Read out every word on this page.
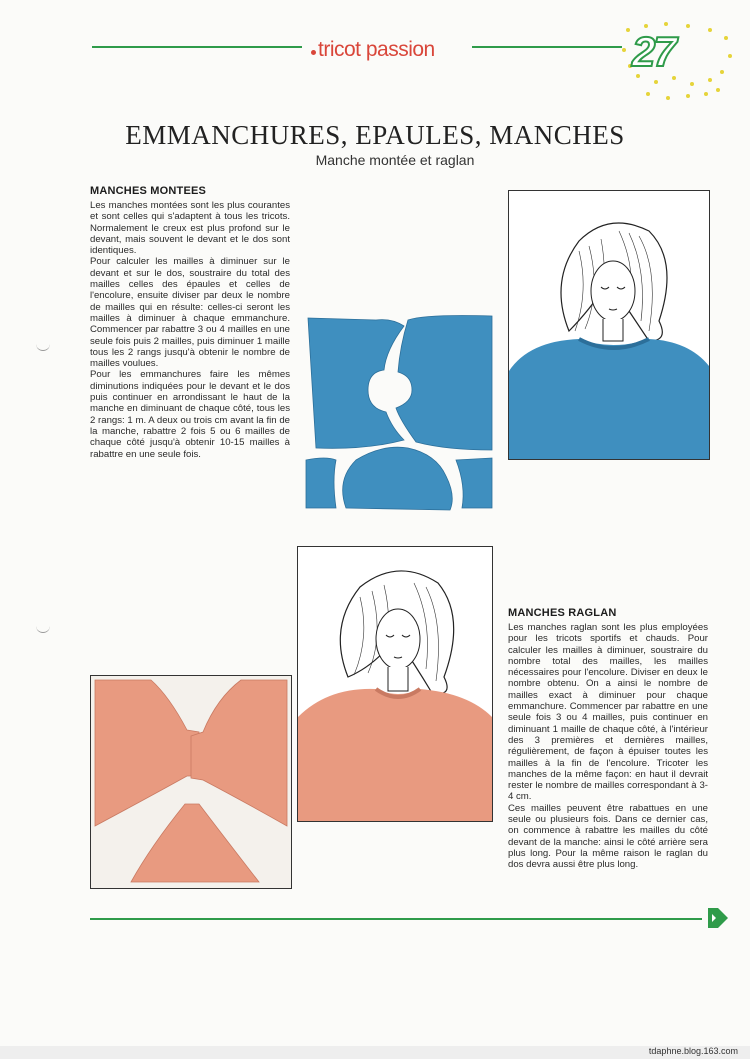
tricot passion	27
EMMANCHURES, EPAULES, MANCHES
Manche montée et raglan
MANCHES MONTEES

Les manches montées sont les plus courantes et sont celles qui s'adaptent à tous les tricots. Normalement le creux est plus profond sur le devant, mais souvent le devant et le dos sont identiques.

Pour calculer les mailles à diminuer sur le devant et sur le dos, soustraire du total des mailles celles des épaules et celles de l'encolure, ensuite diviser par deux le nombre de mailles qui en résulte: celles-ci seront les mailles à diminuer à chaque emmanchure. Commencer par rabattre 3 ou 4 mailles en une seule fois puis 2 mailles, puis diminuer 1 maille tous les 2 rangs jusqu'à obtenir le nombre de mailles voulues.

Pour les emmanchures faire les mêmes diminutions indiquées pour le devant et le dos puis continuer en arrondissant le haut de la manche en diminuant de chaque côté, tous les 2 rangs: 1 m. A deux ou trois cm avant la fin de la manche, rabattre 2 fois 5 ou 6 mailles de chaque côté jusqu'à obtenir 10-15 mailles à rabattre en une seule fois.

MANCHES RAGLAN

Les manches raglan sont les plus employées pour les tricots sportifs et chauds. Pour calculer les mailles à diminuer, soustraire du nombre total des mailles, les mailles nécessaires pour l'encolure. Diviser en deux le nombre obtenu. On a ainsi le nombre de mailles exact à diminuer pour chaque emmanchure. Commencer par rabattre en une seule fois 3 ou 4 mailles, puis continuer en diminuant 1 maille de chaque côté, à l'intérieur des 3 premières et dernières mailles, régulièrement, de façon à épuiser toutes les mailles à la fin de l'encolure. Tricoter les manches de la même façon: en haut il devrait rester le nombre de mailles correspondant à 3-4 cm.

Ces mailles peuvent être rabattues en une seule ou plusieurs fois. Dans ce dernier cas, on commence à rabattre les mailles du côté devant de la manche: ainsi le côté arrière sera plus long. Pour la même raison le raglan du dos devra aussi être plus long.

tdaphne.blog.163.com
